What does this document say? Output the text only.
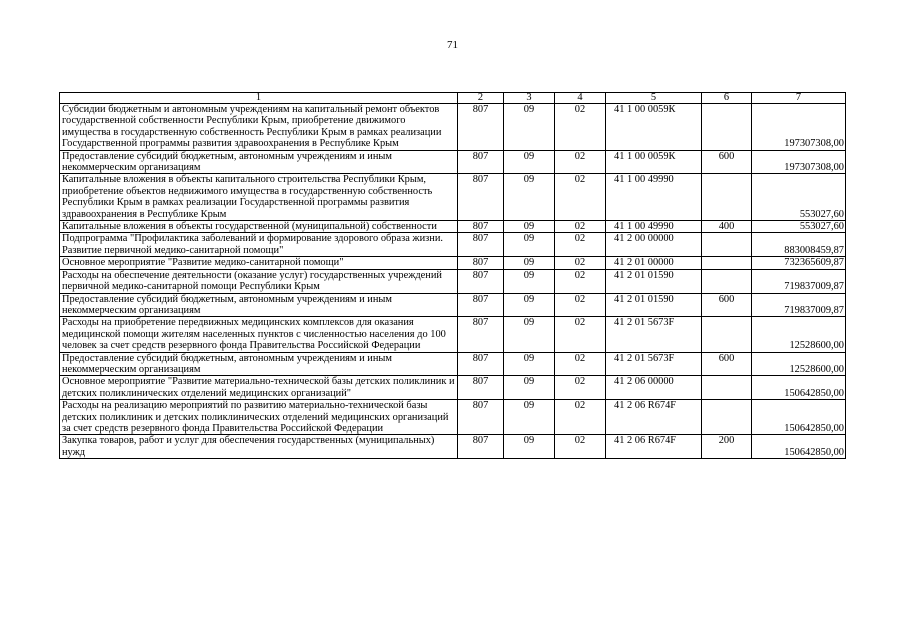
71
1	2	3	4	5	6	7
Субсидии бюджетным и автономным учреждениям на капитальный ремонт объектов государственной собственности Республики Крым, приобретение движимого имущества в государственную собственность Республики Крым в рамках реализации Государственной программы развития здравоохранения в Республике Крым	807	09	02	41 1 00 0059К		197307308,00
Предоставление субсидий бюджетным, автономным учреждениям и иным некоммерческим организациям	807	09	02	41 1 00 0059К	600	197307308,00
Капитальные вложения в объекты капитального строительства Республики Крым, приобретение объектов недвижимого имущества в государственную собственность Республики Крым в рамках реализации Государственной программы развития здравоохранения в Республике Крым	807	09	02	41 1 00 49990		553027,60
Капитальные вложения в объекты государственной (муниципальной) собственности	807	09	02	41 1 00 49990	400	553027,60
Подпрограмма "Профилактика заболеваний и формирование здорового образа жизни. Развитие первичной медико-санитарной помощи"	807	09	02	41 2 00 00000		883008459,87
Основное мероприятие "Развитие медико-санитарной помощи"	807	09	02	41 2 01 00000		732365609,87
Расходы на обеспечение деятельности (оказание услуг) государственных учреждений первичной медико-санитарной помощи Республики Крым	807	09	02	41 2 01 01590		719837009,87
Предоставление субсидий бюджетным, автономным учреждениям и иным некоммерческим организациям	807	09	02	41 2 01 01590	600	719837009,87
Расходы на приобретение передвижных медицинских комплексов для оказания медицинской помощи жителям населенных пунктов с численностью населения до 100 человек за счет средств резервного фонда Правительства Российской Федерации	807	09	02	41 2 01 5673F		12528600,00
Предоставление субсидий бюджетным, автономным учреждениям и иным некоммерческим организациям	807	09	02	41 2 01 5673F	600	12528600,00
Основное мероприятие "Развитие материально-технической базы детских поликлиник и детских поликлинических отделений медицинских организаций"	807	09	02	41 2 06 00000		150642850,00
Расходы на реализацию мероприятий по развитию материально-технической базы детских поликлиник и детских поликлинических отделений медицинских организаций за счет средств резервного фонда Правительства Российской Федерации	807	09	02	41 2 06 R674F		150642850,00
Закупка товаров, работ и услуг для обеспечения государственных (муниципальных) нужд	807	09	02	41 2 06 R674F	200	150642850,00
